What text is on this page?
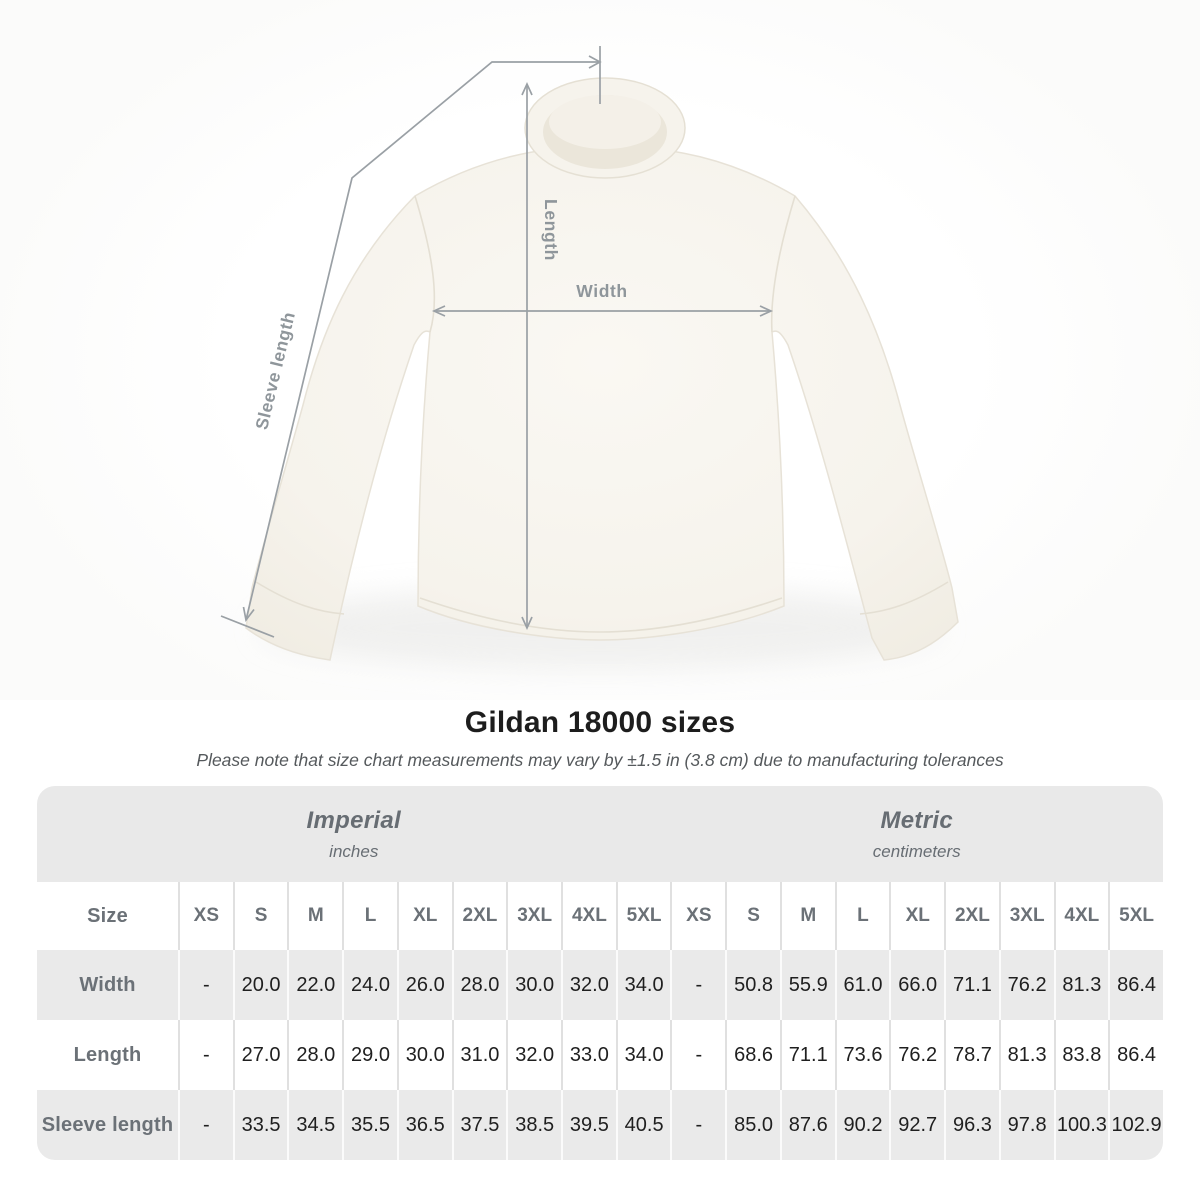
Width
Length
Sleeve length
Gildan 18000 sizes

Please note that size chart measurements may vary by ±1.5 in (3.8 cm) due to manufacturing tolerances

Imperial
inches
Metric
centimeters
Size	XS	S	M	L	XL	2XL	3XL	4XL	5XL	XS	S	M	L	XL	2XL	3XL	4XL	5XL
Width	-	20.0 22.0 24.0 26.0 28.0 30.0 32.0 34.0	-	50.8 55.9 61.0 66.0 71.1 76.2 81.3 86.4
Length	-	27.0 28.0 29.0 30.0 31.0 32.0 33.0 34.0	-	68.6 71.1 73.6 76.2 78.7 81.3 83.8 86.4
Sleeve length	-	33.5 34.5 35.5 36.5 37.5 38.5 39.5 40.5	-	85.0 87.6 90.2 92.7 96.3 97.8 100.3 102.9
